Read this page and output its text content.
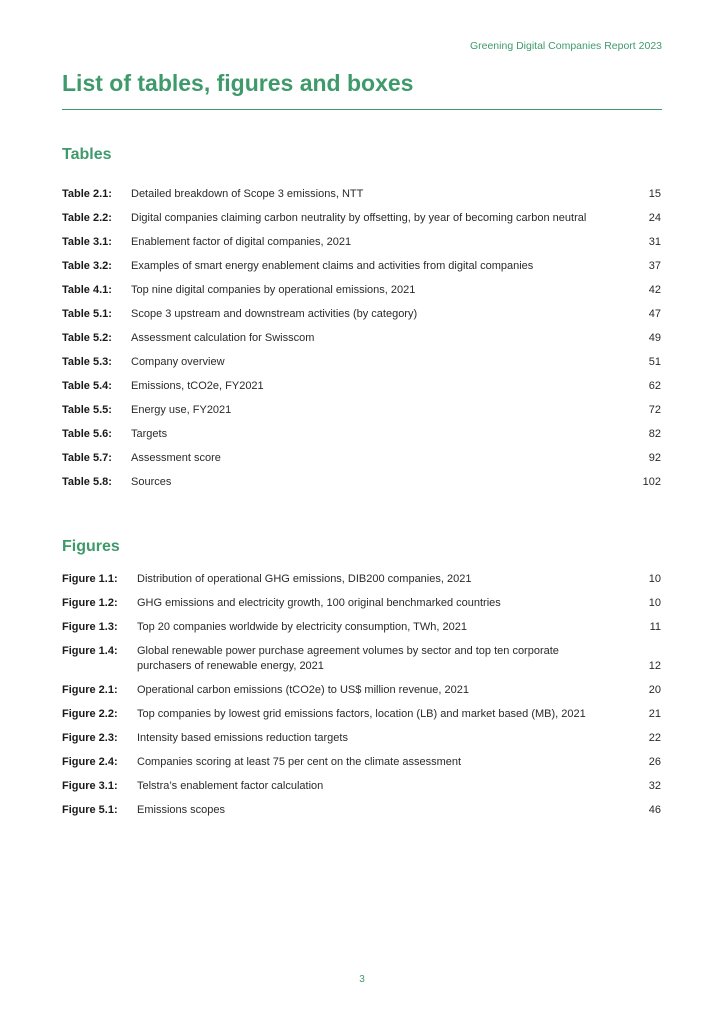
Greening Digital Companies Report 2023
List of tables, figures and boxes
Tables
Table 2.1:	Detailed breakdown of Scope 3 emissions, NTT	15
Table 2.2:	Digital companies claiming carbon neutrality by offsetting, by year of becoming carbon neutral	24
Table 3.1:	Enablement factor of digital companies, 2021	31
Table 3.2:	Examples of smart energy enablement claims and activities from digital companies	37
Table 4.1:	Top nine digital companies by operational emissions, 2021	42
Table 5.1:	Scope 3 upstream and downstream activities (by category)	47
Table 5.2:	Assessment calculation for Swisscom	49
Table 5.3:	Company overview	51
Table 5.4:	Emissions, tCO2e, FY2021	62
Table 5.5:	Energy use, FY2021	72
Table 5.6:	Targets	82
Table 5.7:	Assessment score	92
Table 5.8:	Sources	102
Figures
Figure 1.1:	Distribution of operational GHG emissions, DIB200 companies, 2021	10
Figure 1.2:	GHG emissions and electricity growth, 100 original benchmarked countries	10
Figure 1.3:	Top 20 companies worldwide by electricity consumption, TWh, 2021	11
Figure 1.4:	Global renewable power purchase agreement volumes by sector and top ten corporate purchasers of renewable energy, 2021	12
Figure 2.1:	Operational carbon emissions (tCO2e) to US$ million revenue, 2021	20
Figure 2.2:	Top companies by lowest grid emissions factors, location (LB) and market based (MB), 2021	21
Figure 2.3:	Intensity based emissions reduction targets	22
Figure 2.4:	Companies scoring at least 75 per cent on the climate assessment	26
Figure 3.1:	Telstra’s enablement factor calculation	32
Figure 5.1:	Emissions scopes	46
3
